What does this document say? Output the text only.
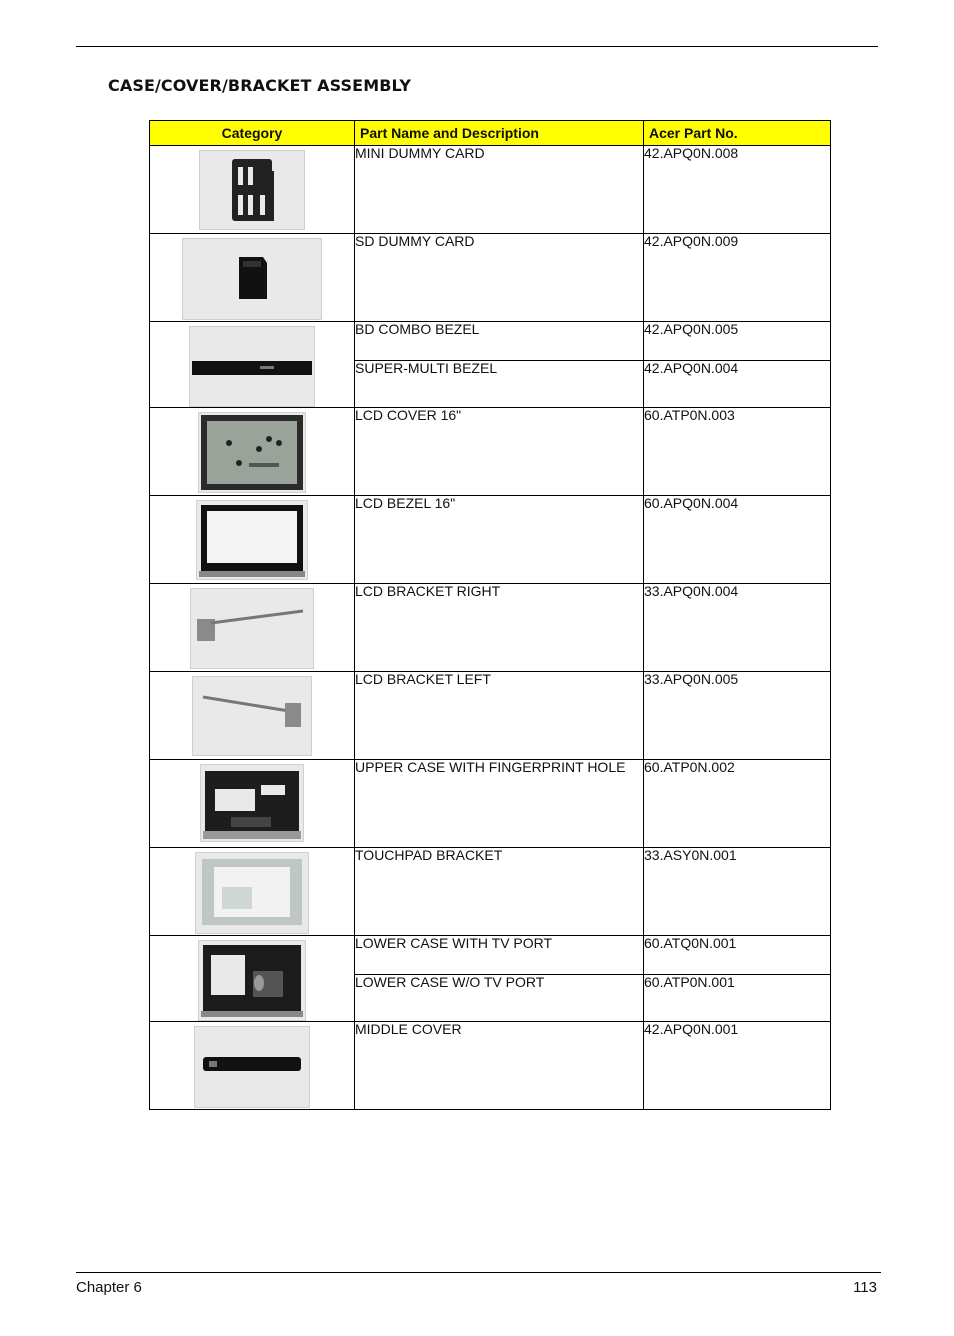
CASE/COVER/BRACKET ASSEMBLY
Category	Part Name and Description	Acer Part No.

	MINI DUMMY CARD	42.APQ0N.008

	SD DUMMY CARD	42.APQ0N.009

	BD COMBO BEZEL	42.APQ0N.005
	SUPER-MULTI BEZEL	42.APQ0N.004

	LCD COVER 16"	60.ATP0N.003

	LCD BEZEL 16"	60.APQ0N.004

	LCD BRACKET RIGHT	33.APQ0N.004

	LCD BRACKET LEFT	33.APQ0N.005

	UPPER CASE WITH FINGERPRINT HOLE	60.ATP0N.002

	TOUCHPAD BRACKET	33.ASY0N.001

	LOWER CASE WITH TV PORT	60.ATQ0N.001
	LOWER CASE W/O TV PORT	60.ATP0N.001

	MIDDLE COVER	42.APQ0N.001
Chapter 6	113
